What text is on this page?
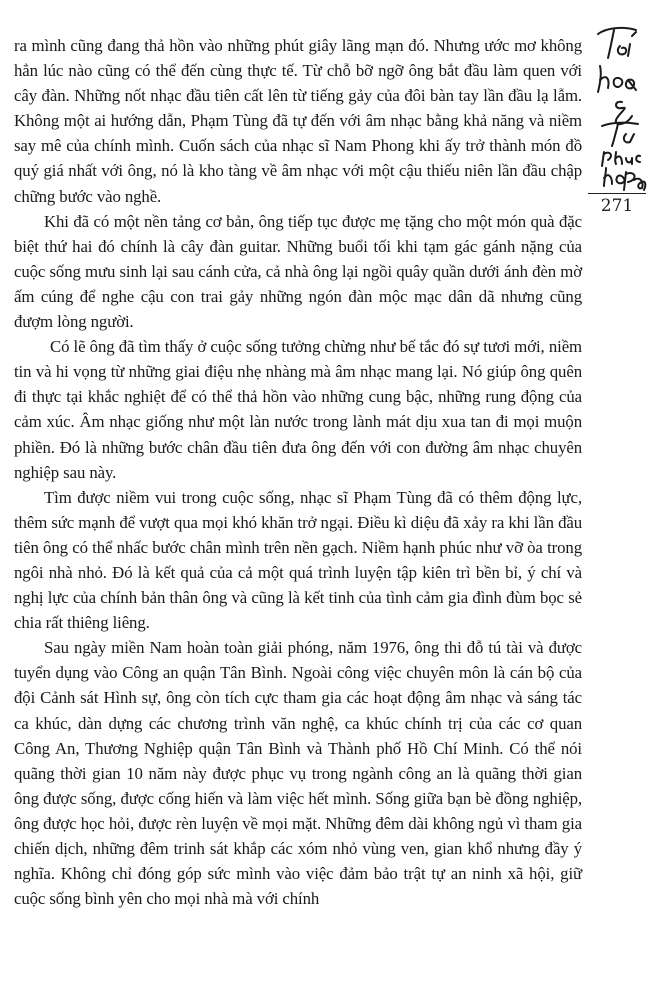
ra mình cũng đang thả hồn vào những phút giây lãng mạn đó. Nhưng ước mơ không hẳn lúc nào cũng có thể đến cùng thực tế. Từ chỗ bỡ ngỡ ông bắt đầu làm quen với cây đàn. Những nốt nhạc đầu tiên cất lên từ tiếng gảy của đôi bàn tay lần đầu lạ lẫm. Không một ai hướng dẫn, Phạm Tùng đã tự đến với âm nhạc bằng khả năng và niềm say mê của chính mình. Cuốn sách của nhạc sĩ Nam Phong khi ấy trở thành món đồ quý giá nhất với ông, nó là kho tàng về âm nhạc với một cậu thiếu niên lần đầu chập chững bước vào nghề.

Khi đã có một nền tảng cơ bản, ông tiếp tục được mẹ tặng cho một món quà đặc biệt thứ hai đó chính là cây đàn guitar. Những buổi tối khi tạm gác gánh nặng của cuộc sống mưu sinh lại sau cánh cửa, cả nhà ông lại ngồi quây quần dưới ánh đèn mờ ấm cúng để nghe cậu con trai gảy những ngón đàn mộc mạc dân dã nhưng cũng đượm lòng người.

Có lẽ ông đã tìm thấy ở cuộc sống tưởng chừng như bế tắc đó sự tươi mới, niềm tin và hi vọng từ những giai điệu nhẹ nhàng mà âm nhạc mang lại. Nó giúp ông quên đi thực tại khắc nghiệt để có thể thả hồn vào những cung bậc, những rung động của cảm xúc. Âm nhạc giống như một làn nước trong lành mát dịu xua tan đi mọi muộn phiền. Đó là những bước chân đầu tiên đưa ông đến với con đường âm nhạc chuyên nghiệp sau này.

Tìm được niềm vui trong cuộc sống, nhạc sĩ Phạm Tùng đã có thêm động lực, thêm sức mạnh để vượt qua mọi khó khăn trở ngại. Điều kì diệu đã xảy ra khi lần đầu tiên ông có thể nhấc bước chân mình trên nền gạch. Niềm hạnh phúc như vỡ òa trong ngôi nhà nhỏ. Đó là kết quả của cả một quá trình luyện tập kiên trì bền bỉ, ý chí và nghị lực của chính bản thân ông và cũng là kết tinh của tình cảm gia đình đùm bọc sẻ chia rất thiêng liêng.

Sau ngày miền Nam hoàn toàn giải phóng, năm 1976, ông thi đỗ tú tài và được tuyển dụng vào Công an quận Tân Bình. Ngoài công việc chuyên môn là cán bộ của đội Cảnh sát Hình sự, ông còn tích cực tham gia các hoạt động âm nhạc và sáng tác ca khúc, dàn dựng các chương trình văn nghệ, ca khúc chính trị của các cơ quan Công An, Thương Nghiệp quận Tân Bình và Thành phố Hồ Chí Minh. Có thể nói quãng thời gian 10 năm này được phục vụ trong ngành công an là quãng thời gian ông được sống, được cống hiến và làm việc hết mình. Sống giữa bạn bè đồng nghiệp, ông được học hỏi, được rèn luyện về mọi mặt. Những đêm dài không ngủ vì tham gia chiến dịch, những đêm trinh sát khắp các xóm nhỏ vùng ven, gian khổ nhưng đầy ý nghĩa. Không chỉ đóng góp sức mình vào việc đảm bảo trật tự an ninh xã hội, giữ cuộc sống bình yên cho mọi nhà mà với chính

271
